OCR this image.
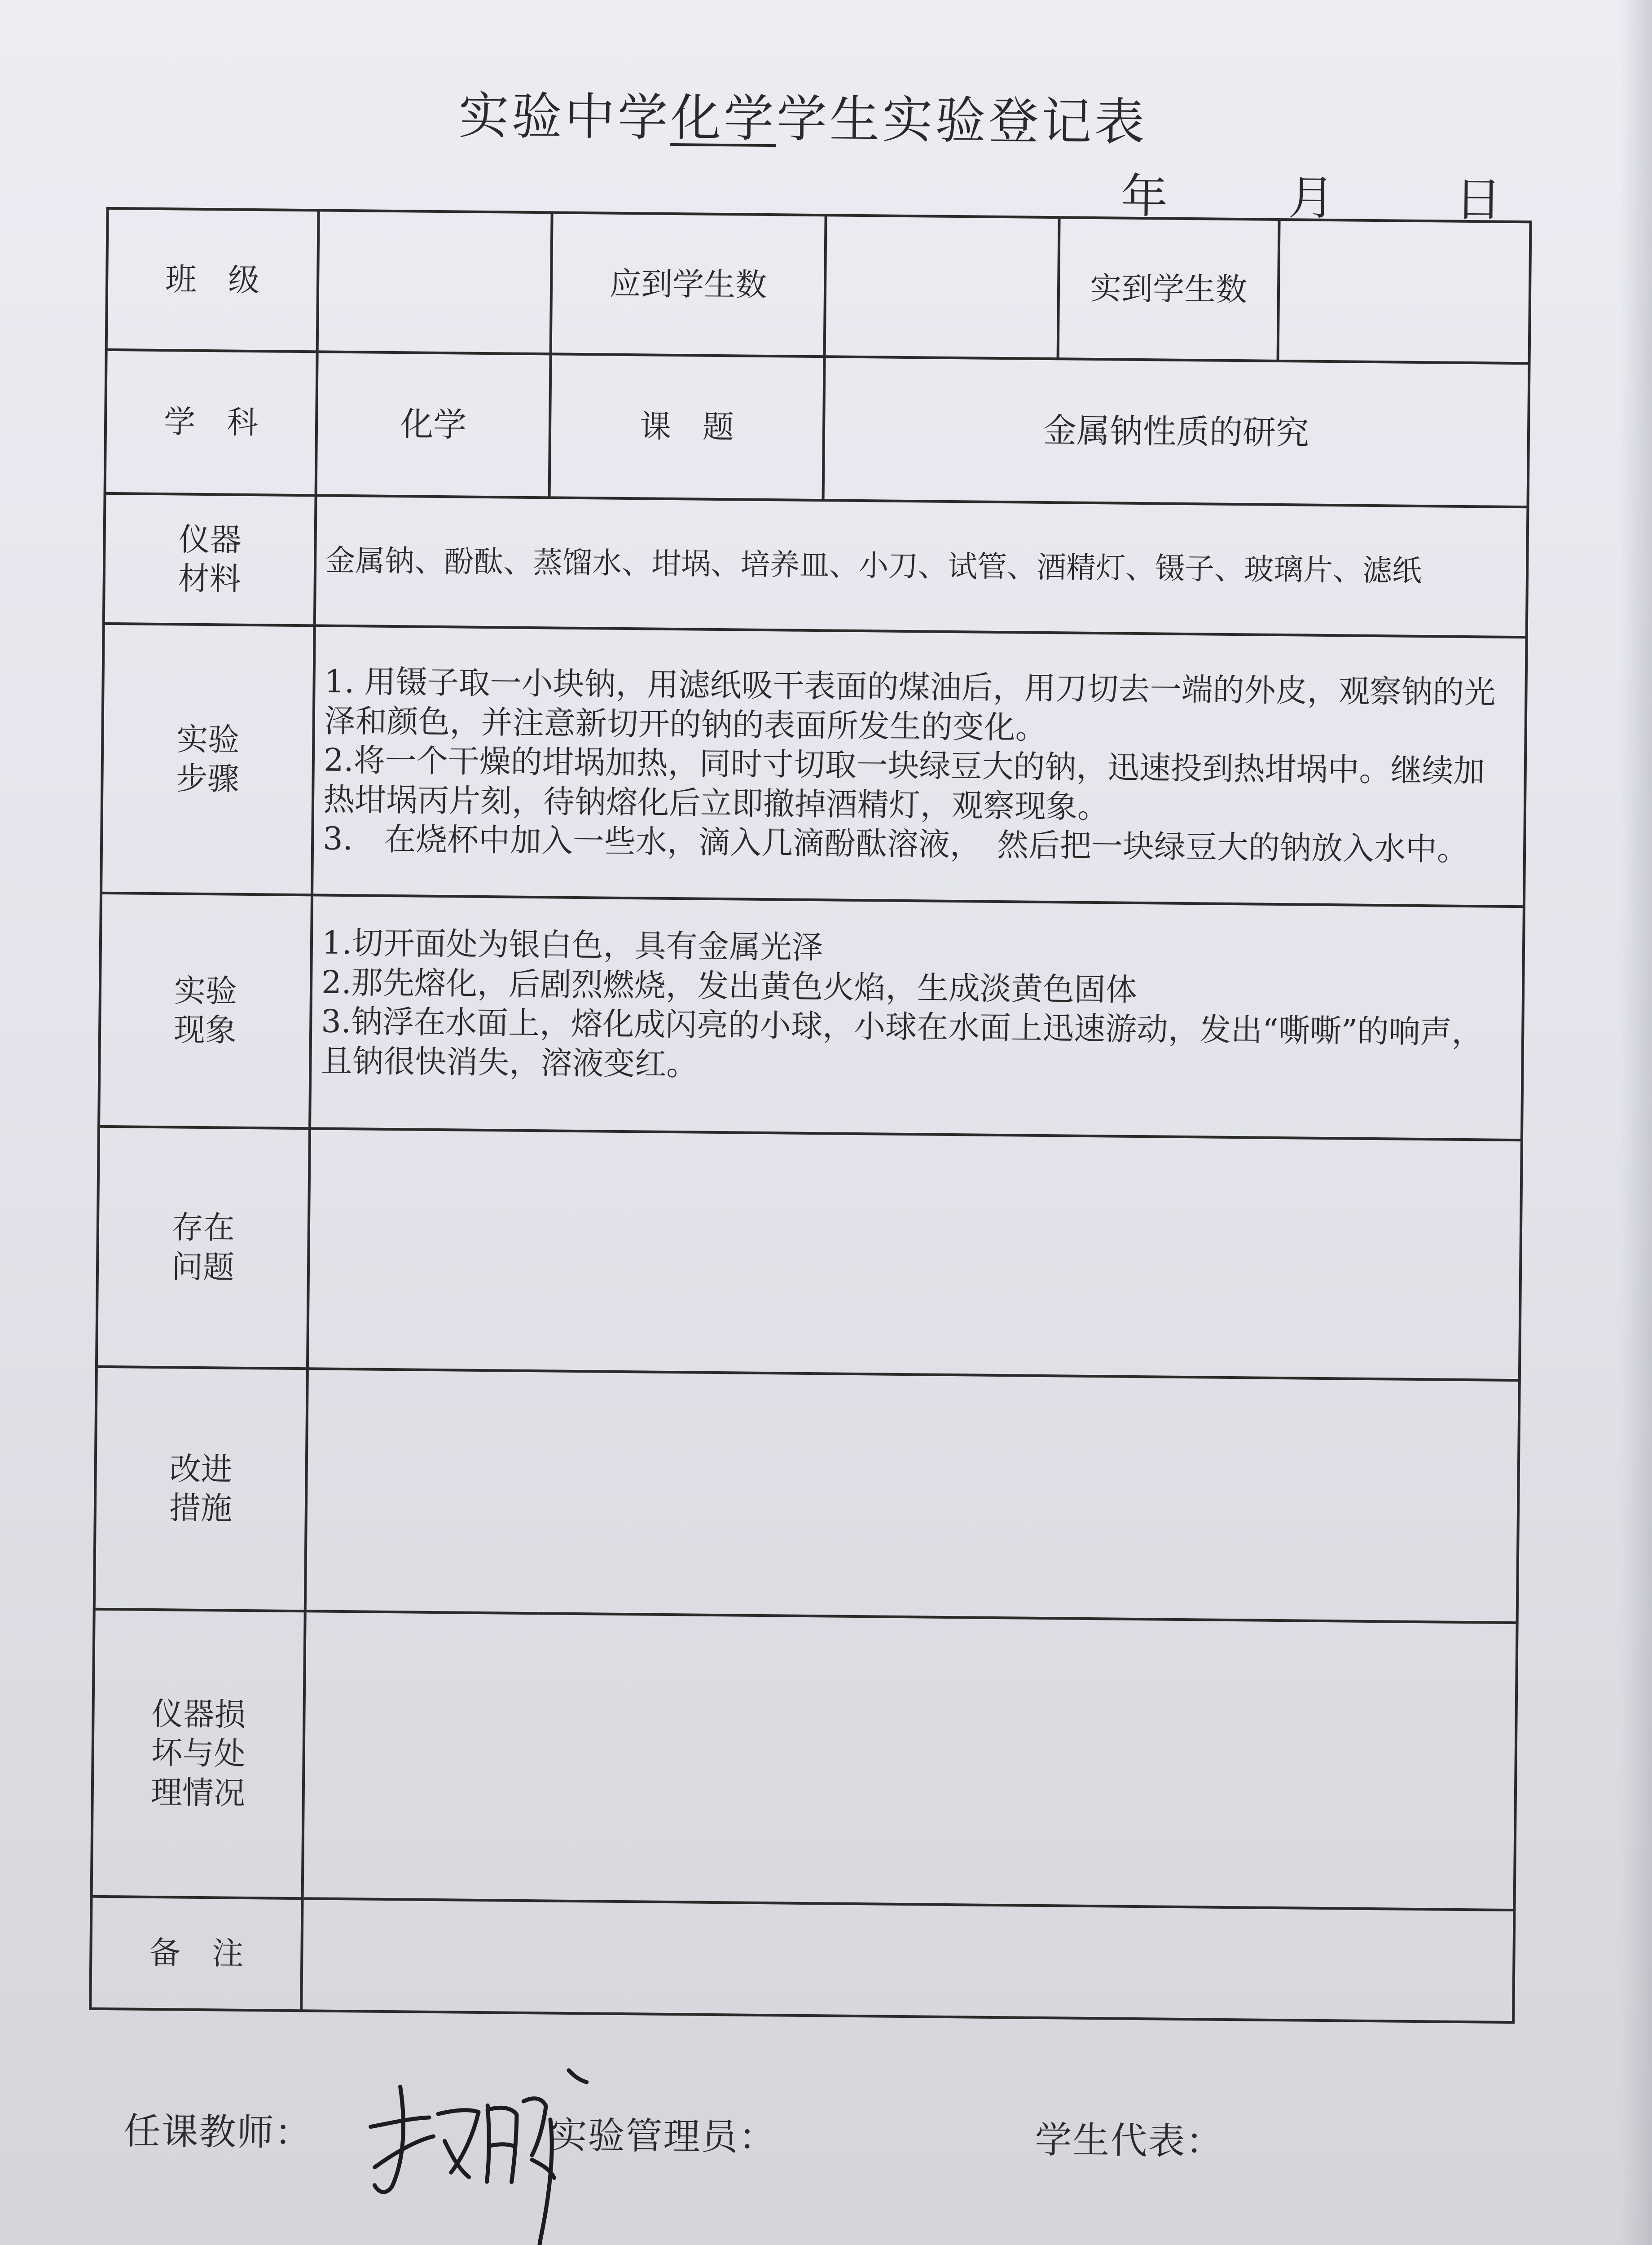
实验中学化学学生实验登记表
年	月	日
班　级		应到学生数		实到学生数	
学　科	化学	课　题	金属钠性质的研究		

仪器
材料	金属钠、酚酞、蒸馏水、坩埚、培养皿、小刀、试管、酒精灯、镊子、玻璃片、滤纸				

实验
步骤	1. 用镊子取一小块钠，用滤纸吸干表面的煤油后，用刀切去一端的外皮，观察钠的光泽和颜色，并注意新切开的钠的表面所发生的变化。
2.将一个干燥的坩埚加热，同时寸切取一块绿豆大的钠，迅速投到热坩埚中。继续加热坩埚丙片刻，待钠熔化后立即撤掉酒精灯，观察现象。
3.　在烧杯中加入一些水，滴入几滴酚酞溶液，　然后把一块绿豆大的钠放入水中。				

实验
现象	1.切开面处为银白色，具有金属光泽
2.那先熔化，后剧烈燃烧，发出黄色火焰，生成淡黄色固体
3.钠浮在水面上，熔化成闪亮的小球，小球在水面上迅速游动，发出“嘶嘶”的响声，且钠很快消失，溶液变红。				

存在
问题					

改进
措施					

仪器损
坏与处
理情况					

备　注					
任课教师：	实验管理员：	学生代表：
